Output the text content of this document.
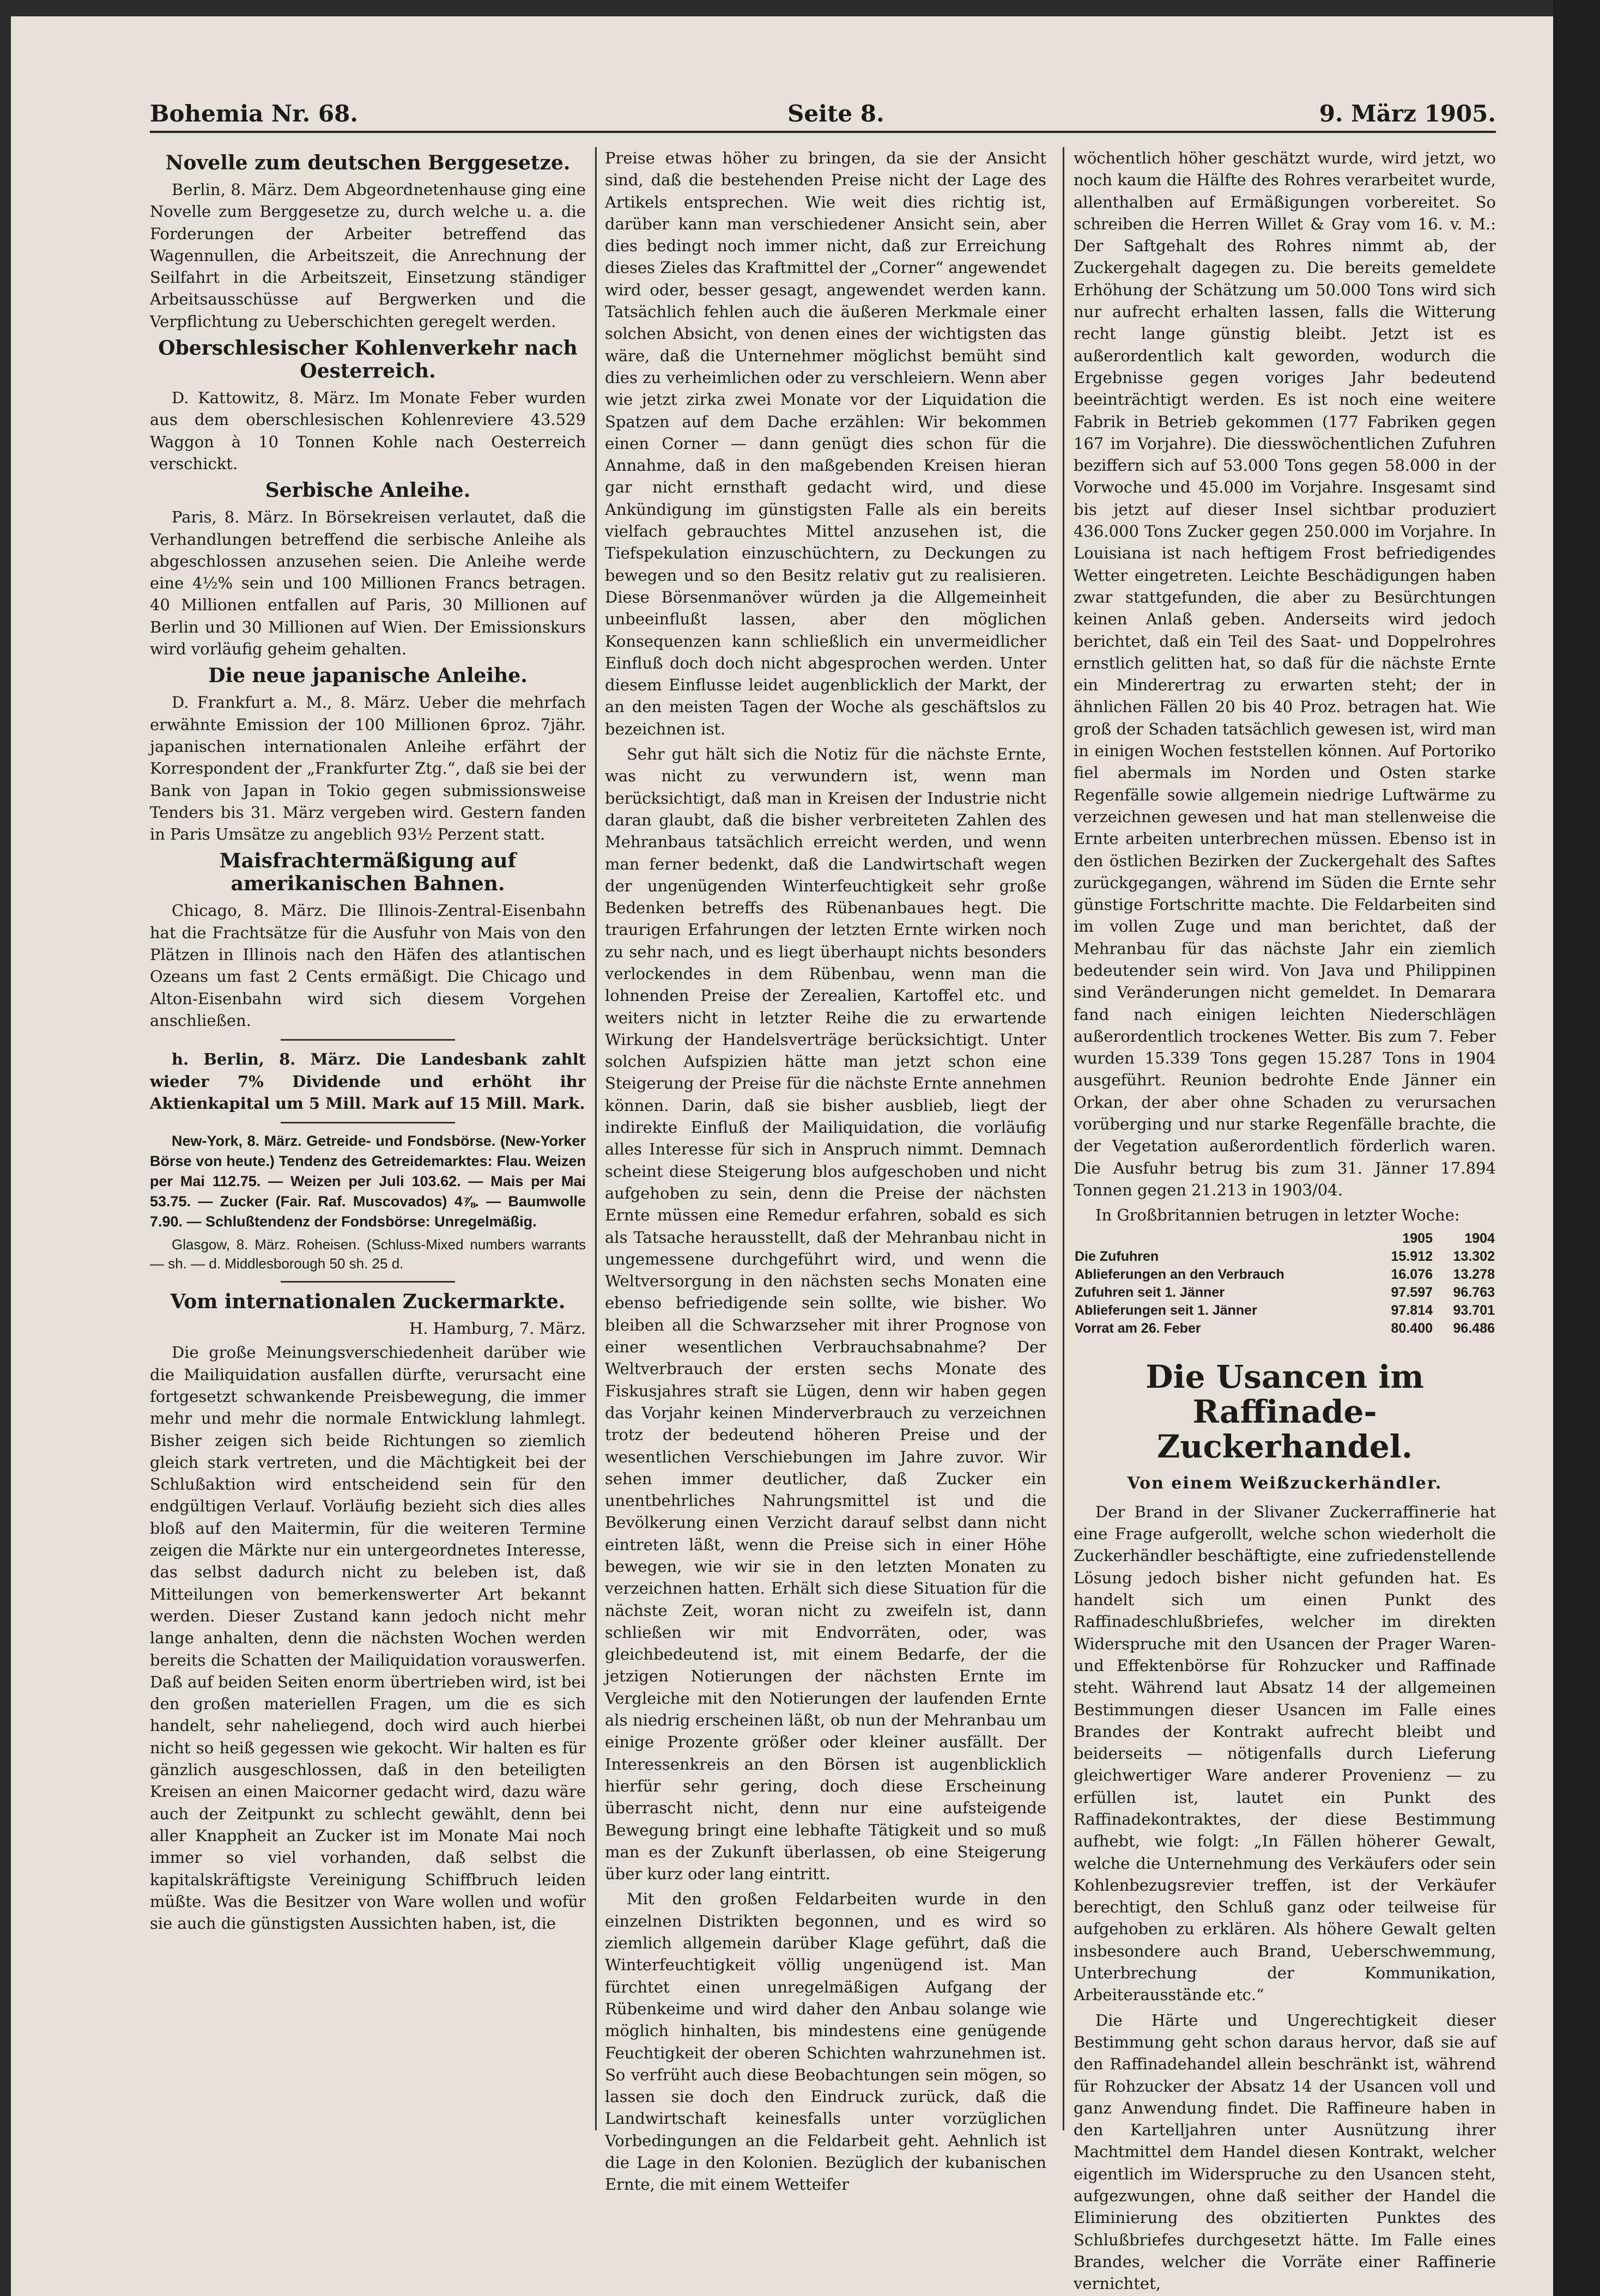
Bohemia Nr. 68.	Seite 8.	9. März 1905.
Novelle zum deutschen Berggesetze.

Berlin, 8. März. Dem Abgeordnetenhause ging eine Novelle zum Berggesetze zu, durch welche u. a. die Forderungen der Arbeiter betreffend das Wagennullen, die Arbeitszeit, die Anrechnung der Seilfahrt in die Arbeitszeit, Einsetzung ständiger Arbeitsausschüsse auf Bergwerken und die Verpflichtung zu Ueberschichten geregelt werden.

Oberschlesischer Kohlenverkehr nach Oesterreich.

D. Kattowitz, 8. März. Im Monate Feber wurden aus dem oberschlesischen Kohlenreviere 43.529 Waggon à 10 Tonnen Kohle nach Oesterreich verschickt.

Serbische Anleihe.

Paris, 8. März. In Börsekreisen verlautet, daß die Verhandlungen betreffend die serbische Anleihe als abgeschlossen anzusehen seien. Die Anleihe werde eine 4½% sein und 100 Millionen Francs betragen. 40 Millionen entfallen auf Paris, 30 Millionen auf Berlin und 30 Millionen auf Wien. Der Emissionskurs wird vorläufig geheim gehalten.

Die neue japanische Anleihe.

D. Frankfurt a. M., 8. März. Ueber die mehrfach erwähnte Emission der 100 Millionen 6proz. 7jähr. japanischen internationalen Anleihe erfährt der Korrespondent der „Frankfurter Ztg.“, daß sie bei der Bank von Japan in Tokio gegen submissionsweise Tenders bis 31. März vergeben wird. Gestern fanden in Paris Umsätze zu angeblich 93½ Perzent statt.

Maisfrachtermäßigung auf amerikanischen Bahnen.

Chicago, 8. März. Die Illinois-Zentral-Eisenbahn hat die Frachtsätze für die Ausfuhr von Mais von den Plätzen in Illinois nach den Häfen des atlantischen Ozeans um fast 2 Cents ermäßigt. Die Chicago und Alton-Eisenbahn wird sich diesem Vorgehen anschließen.

h. Berlin, 8. März. Die Landesbank zahlt wieder 7% Dividende und erhöht ihr Aktienkapital um 5 Mill. Mark auf 15 Mill. Mark.

New-York, 8. März. Getreide- und Fondsbörse. (New-Yorker Börse von heute.) Tendenz des Getreidemarktes: Flau. Weizen per Mai 112.75. — Weizen per Juli 103.62. — Mais per Mai 53.75. — Zucker (Fair. Raf. Muscovados) 4⅞. — Baumwolle 7.90. — Schlußtendenz der Fondsbörse: Unregelmäßig.

Glasgow, 8. März. Roheisen. (Schluss-Mixed numbers warrants — sh. — d. Middlesborough 50 sh. 25 d.

Vom internationalen Zuckermarkte.
H. Hamburg, 7. März.

Die große Meinungsverschiedenheit darüber wie die Mailiquidation ausfallen dürfte, verursacht eine fortgesetzt schwankende Preisbewegung, die immer mehr und mehr die normale Entwicklung lahmlegt. Bisher zeigen sich beide Richtungen so ziemlich gleich stark vertreten, und die Mächtigkeit bei der Schlußaktion wird entscheidend sein für den endgültigen Verlauf. Vorläufig bezieht sich dies alles bloß auf den Maitermin, für die weiteren Termine zeigen die Märkte nur ein untergeordnetes Interesse, das selbst dadurch nicht zu beleben ist, daß Mitteilungen von bemerkenswerter Art bekannt werden. Dieser Zustand kann jedoch nicht mehr lange anhalten, denn die nächsten Wochen werden bereits die Schatten der Mailiquidation vorauswerfen. Daß auf beiden Seiten enorm übertrieben wird, ist bei den großen materiellen Fragen, um die es sich handelt, sehr naheliegend, doch wird auch hierbei nicht so heiß gegessen wie gekocht. Wir halten es für gänzlich ausgeschlossen, daß in den beteiligten Kreisen an einen Maicorner gedacht wird, dazu wäre auch der Zeitpunkt zu schlecht gewählt, denn bei aller Knappheit an Zucker ist im Monate Mai noch immer so viel vorhanden, daß selbst die kapitalskräftigste Vereinigung Schiffbruch leiden müßte. Was die Besitzer von Ware wollen und wofür sie auch die günstigsten Aussichten haben, ist, die

Preise etwas höher zu bringen, da sie der Ansicht sind, daß die bestehenden Preise nicht der Lage des Artikels entsprechen. Wie weit dies richtig ist, darüber kann man verschiedener Ansicht sein, aber dies bedingt noch immer nicht, daß zur Erreichung dieses Zieles das Kraftmittel der „Corner“ angewendet wird oder, besser gesagt, angewendet werden kann. Tatsächlich fehlen auch die äußeren Merkmale einer solchen Absicht, von denen eines der wichtigsten das wäre, daß die Unternehmer möglichst bemüht sind dies zu verheimlichen oder zu verschleiern. Wenn aber wie jetzt zirka zwei Monate vor der Liquidation die Spatzen auf dem Dache erzählen: Wir bekommen einen Corner — dann genügt dies schon für die Annahme, daß in den maßgebenden Kreisen hieran gar nicht ernsthaft gedacht wird, und diese Ankündigung im günstigsten Falle als ein bereits vielfach gebrauchtes Mittel anzusehen ist, die Tiefspekulation einzuschüchtern, zu Deckungen zu bewegen und so den Besitz relativ gut zu realisieren. Diese Börsenmanöver würden ja die Allgemeinheit unbeeinflußt lassen, aber den möglichen Konsequenzen kann schließlich ein unvermeidlicher Einfluß doch doch nicht abgesprochen werden. Unter diesem Einflusse leidet augenblicklich der Markt, der an den meisten Tagen der Woche als geschäftslos zu bezeichnen ist.

Sehr gut hält sich die Notiz für die nächste Ernte, was nicht zu verwundern ist, wenn man berücksichtigt, daß man in Kreisen der Industrie nicht daran glaubt, daß die bisher verbreiteten Zahlen des Mehranbaus tatsächlich erreicht werden, und wenn man ferner bedenkt, daß die Landwirtschaft wegen der ungenügenden Winterfeuchtigkeit sehr große Bedenken betreffs des Rübenanbaues hegt. Die traurigen Erfahrungen der letzten Ernte wirken noch zu sehr nach, und es liegt überhaupt nichts besonders verlockendes in dem Rübenbau, wenn man die lohnenden Preise der Zerealien, Kartoffel etc. und weiters nicht in letzter Reihe die zu erwartende Wirkung der Handelsverträge berücksichtigt. Unter solchen Aufspizien hätte man jetzt schon eine Steigerung der Preise für die nächste Ernte annehmen können. Darin, daß sie bisher ausblieb, liegt der indirekte Einfluß der Mailiquidation, die vorläufig alles Interesse für sich in Anspruch nimmt. Demnach scheint diese Steigerung blos aufgeschoben und nicht aufgehoben zu sein, denn die Preise der nächsten Ernte müssen eine Remedur erfahren, sobald es sich als Tatsache herausstellt, daß der Mehranbau nicht in ungemessene durchgeführt wird, und wenn die Weltversorgung in den nächsten sechs Monaten eine ebenso befriedigende sein sollte, wie bisher. Wo bleiben all die Schwarzseher mit ihrer Prognose von einer wesentlichen Verbrauchsabnahme? Der Weltverbrauch der ersten sechs Monate des Fiskusjahres straft sie Lügen, denn wir haben gegen das Vorjahr keinen Minderverbrauch zu verzeichnen trotz der bedeutend höheren Preise und der wesentlichen Verschiebungen im Jahre zuvor. Wir sehen immer deutlicher, daß Zucker ein unentbehrliches Nahrungsmittel ist und die Bevölkerung einen Verzicht darauf selbst dann nicht eintreten läßt, wenn die Preise sich in einer Höhe bewegen, wie wir sie in den letzten Monaten zu verzeichnen hatten. Erhält sich diese Situation für die nächste Zeit, woran nicht zu zweifeln ist, dann schließen wir mit Endvorräten, oder, was gleichbedeutend ist, mit einem Bedarfe, der die jetzigen Notierungen der nächsten Ernte im Vergleiche mit den Notierungen der laufenden Ernte als niedrig erscheinen läßt, ob nun der Mehranbau um einige Prozente größer oder kleiner ausfällt. Der Interessenkreis an den Börsen ist augenblicklich hierfür sehr gering, doch diese Erscheinung überrascht nicht, denn nur eine aufsteigende Bewegung bringt eine lebhafte Tätigkeit und so muß man es der Zukunft überlassen, ob eine Steigerung über kurz oder lang eintritt.

Mit den großen Feldarbeiten wurde in den einzelnen Distrikten begonnen, und es wird so ziemlich allgemein darüber Klage geführt, daß die Winterfeuchtigkeit völlig ungenügend ist. Man fürchtet einen unregelmäßigen Aufgang der Rübenkeime und wird daher den Anbau solange wie möglich hinhalten, bis mindestens eine genügende Feuchtigkeit der oberen Schichten wahrzunehmen ist. So verfrüht auch diese Beobachtungen sein mögen, so lassen sie doch den Eindruck zurück, daß die Landwirtschaft keinesfalls unter vorzüglichen Vorbedingungen an die Feldarbeit geht. Aehnlich ist die Lage in den Kolonien. Bezüglich der kubanischen Ernte, die mit einem Wetteifer

wöchentlich höher geschätzt wurde, wird jetzt, wo noch kaum die Hälfte des Rohres verarbeitet wurde, allenthalben auf Ermäßigungen vorbereitet. So schreiben die Herren Willet & Gray vom 16. v. M.: Der Saftgehalt des Rohres nimmt ab, der Zuckergehalt dagegen zu. Die bereits gemeldete Erhöhung der Schätzung um 50.000 Tons wird sich nur aufrecht erhalten lassen, falls die Witterung recht lange günstig bleibt. Jetzt ist es außerordentlich kalt geworden, wodurch die Ergebnisse gegen voriges Jahr bedeutend beeinträchtigt werden. Es ist noch eine weitere Fabrik in Betrieb gekommen (177 Fabriken gegen 167 im Vorjahre). Die diesswöchentlichen Zufuhren beziffern sich auf 53.000 Tons gegen 58.000 in der Vorwoche und 45.000 im Vorjahre. Insgesamt sind bis jetzt auf dieser Insel sichtbar produziert 436.000 Tons Zucker gegen 250.000 im Vorjahre. In Louisiana ist nach heftigem Frost befriedigendes Wetter eingetreten. Leichte Beschädigungen haben zwar stattgefunden, die aber zu Besürchtungen keinen Anlaß geben. Anderseits wird jedoch berichtet, daß ein Teil des Saat- und Doppelrohres ernstlich gelitten hat, so daß für die nächste Ernte ein Minderertrag zu erwarten steht; der in ähnlichen Fällen 20 bis 40 Proz. betragen hat. Wie groß der Schaden tatsächlich gewesen ist, wird man in einigen Wochen feststellen können. Auf Portoriko fiel abermals im Norden und Osten starke Regenfälle sowie allgemein niedrige Luftwärme zu verzeichnen gewesen und hat man stellenweise die Ernte arbeiten unterbrechen müssen. Ebenso ist in den östlichen Bezirken der Zuckergehalt des Saftes zurückgegangen, während im Süden die Ernte sehr günstige Fortschritte machte. Die Feldarbeiten sind im vollen Zuge und man berichtet, daß der Mehranbau für das nächste Jahr ein ziemlich bedeutender sein wird. Von Java und Philippinen sind Veränderungen nicht gemeldet. In Demarara fand nach einigen leichten Niederschlägen außerordentlich trockenes Wetter. Bis zum 7. Feber wurden 15.339 Tons gegen 15.287 Tons in 1904 ausgeführt. Reunion bedrohte Ende Jänner ein Orkan, der aber ohne Schaden zu verursachen vorüberging und nur starke Regenfälle brachte, die der Vegetation außerordentlich förderlich waren. Die Ausfuhr betrug bis zum 31. Jänner 17.894 Tonnen gegen 21.213 in 1903/04.

In Großbritannien betrugen in letzter Woche:

	1905	1904
Die Zufuhren	15.912	13.302
Ablieferungen an den Verbrauch	16.076	13.278
Zufuhren seit 1. Jänner	97.597	96.763
Ablieferungen seit 1. Jänner	97.814	93.701
Vorrat am 26. Feber	80.400	96.486
Die Usancen im Raffinade-Zuckerhandel.
Von einem Weißzuckerhändler.

Der Brand in der Slivaner Zuckerraffinerie hat eine Frage aufgerollt, welche schon wiederholt die Zuckerhändler beschäftigte, eine zufriedenstellende Lösung jedoch bisher nicht gefunden hat. Es handelt sich um einen Punkt des Raffinadeschlußbriefes, welcher im direkten Widerspruche mit den Usancen der Prager Waren- und Effektenbörse für Rohzucker und Raffinade steht. Während laut Absatz 14 der allgemeinen Bestimmungen dieser Usancen im Falle eines Brandes der Kontrakt aufrecht bleibt und beiderseits — nötigenfalls durch Lieferung gleichwertiger Ware anderer Provenienz — zu erfüllen ist, lautet ein Punkt des Raffinadekontraktes, der diese Bestimmung aufhebt, wie folgt: „In Fällen höherer Gewalt, welche die Unternehmung des Verkäufers oder sein Kohlenbezugsrevier treffen, ist der Verkäufer berechtigt, den Schluß ganz oder teilweise für aufgehoben zu erklären. Als höhere Gewalt gelten insbesondere auch Brand, Ueberschwemmung, Unterbrechung der Kommunikation, Arbeiterausstände etc.“

Die Härte und Ungerechtigkeit dieser Bestimmung geht schon daraus hervor, daß sie auf den Raffinadehandel allein beschränkt ist, während für Rohzucker der Absatz 14 der Usancen voll und ganz Anwendung findet. Die Raffineure haben in den Kartelljahren unter Ausnützung ihrer Machtmittel dem Handel diesen Kontrakt, welcher eigentlich im Widerspruche zu den Usancen steht, aufgezwungen, ohne daß seither der Handel die Eliminierung des obzitierten Punktes des Schlußbriefes durchgesetzt hätte. Im Falle eines Brandes, welcher die Vorräte einer Raffinerie vernichtet,
